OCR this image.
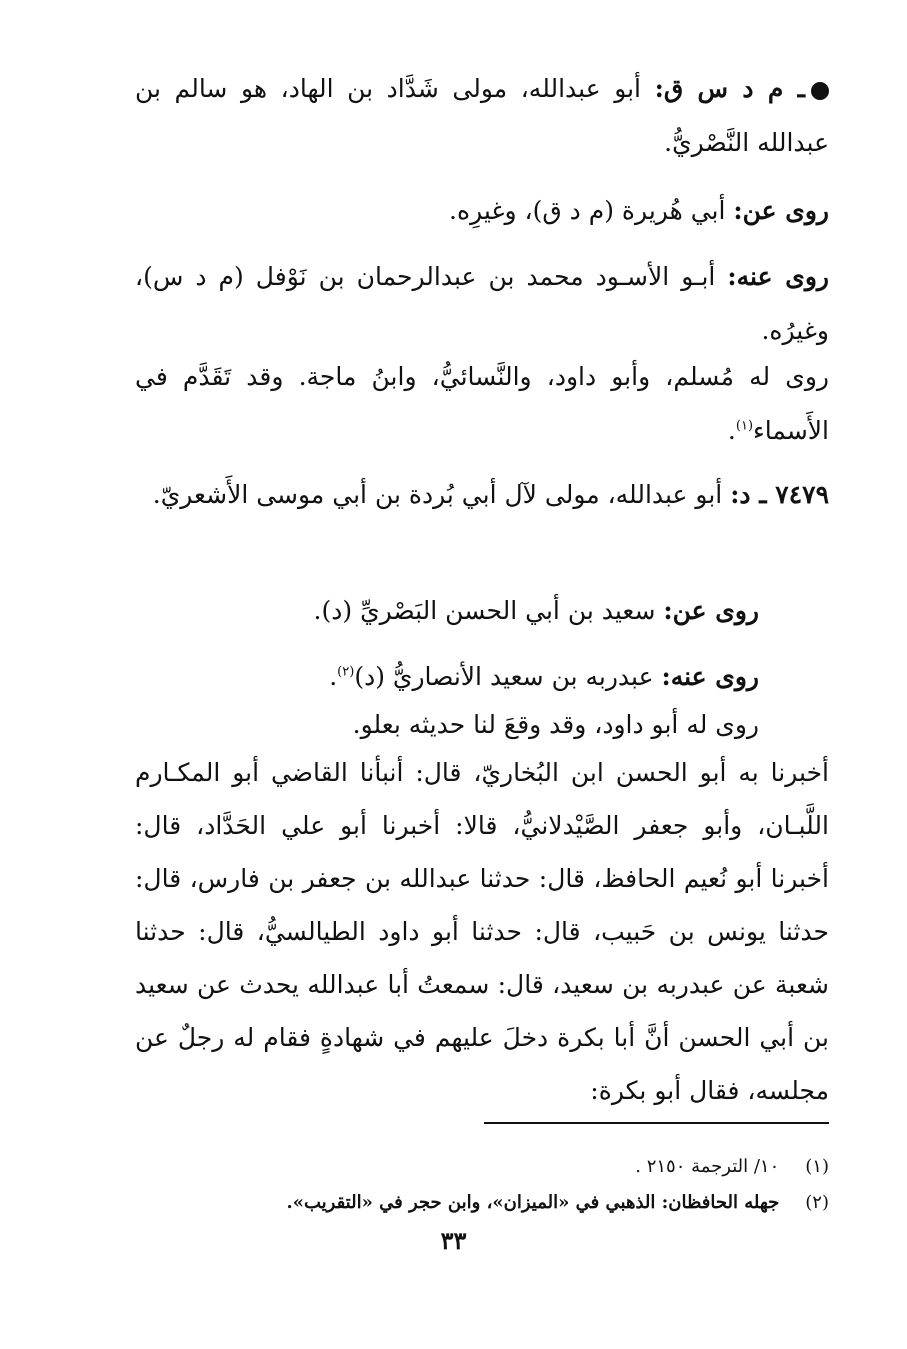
ـ م د س ق: أبو عبدالله، مولى شَدَّاد بن الهاد، هو سالم بن عبدالله النَّصْريُّ.
روى عن: أبي هُريرة (م د ق)، وغيرِه.
روى عنه: أبـو الأسـود محمد بن عبدالرحمان بن نَوْفل (م د س)، وغيرُه.
روى له مُسلم، وأبو داود، والنَّسائيُّ، وابنُ ماجة. وقد تَقَدَّم في الأَسماء$^{(١)}$.
٧٤٧٩ ـ د: أبو عبدالله، مولى لآل أبي بُردة بن أبي موسى الأَشعريّ.
روى عن: سعيد بن أبي الحسن البَصْريِّ (د).
روى عنه: عبدربه بن سعيد الأنصاريُّ (د)$^{(٢)}$.
روى له أبو داود، وقد وقعَ لنا حديثه بعلو.
أخبرنا به أبو الحسن ابن البُخاريّ، قال: أنبأنا القاضي أبو المكـارم اللَّبـان، وأبو جعفر الصَّيْدلانيُّ، قالا: أخبرنا أبو علي الحَدَّاد، قال: أخبرنا أبو نُعيم الحافظ، قال: حدثنا عبدالله بن جعفر بن فارس، قال: حدثنا يونس بن حَبيب، قال: حدثنا أبو داود الطيالسيُّ، قال: حدثنا شعبة عن عبدربه بن سعيد، قال: سمعتُ أبا عبدالله يحدث عن سعيد بن أبي الحسن أنَّ أبا بكرة دخلَ عليهم في شهادةٍ فقام له رجلٌ عن مجلسه، فقال أبو بكرة:
(١) ١٠/ الترجمة ٢١٥٠ .
(٢) جهله الحافظان: الذهبي في «الميزان»، وابن حجر في «التقريب».
٣٣
